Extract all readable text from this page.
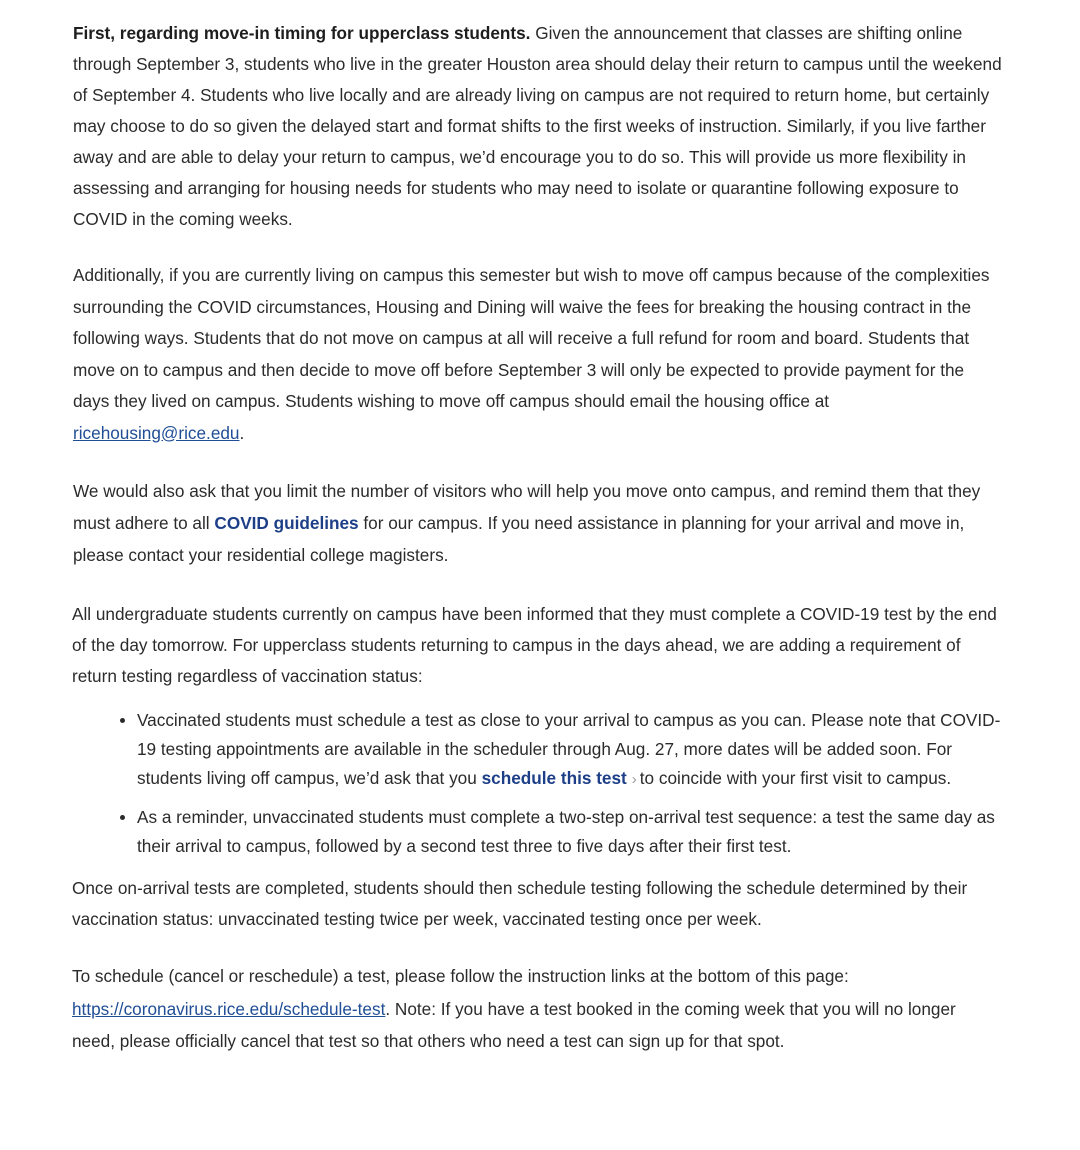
First, regarding move-in timing for upperclass students. Given the announcement that classes are shifting online through September 3, students who live in the greater Houston area should delay their return to campus until the weekend of September 4. Students who live locally and are already living on campus are not required to return home, but certainly may choose to do so given the delayed start and format shifts to the first weeks of instruction. Similarly, if you live farther away and are able to delay your return to campus, we’d encourage you to do so. This will provide us more flexibility in assessing and arranging for housing needs for students who may need to isolate or quarantine following exposure to COVID in the coming weeks.

Additionally, if you are currently living on campus this semester but wish to move off campus because of the complexities surrounding the COVID circumstances, Housing and Dining will waive the fees for breaking the housing contract in the following ways. Students that do not move on campus at all will receive a full refund for room and board. Students that move on to campus and then decide to move off before September 3 will only be expected to provide payment for the days they lived on campus. Students wishing to move off campus should email the housing office at ricehousing@rice.edu.

We would also ask that you limit the number of visitors who will help you move onto campus, and remind them that they must adhere to all COVID guidelines for our campus. If you need assistance in planning for your arrival and move in, please contact your residential college magisters.

All undergraduate students currently on campus have been informed that they must complete a COVID-19 test by the end of the day tomorrow. For upperclass students returning to campus in the days ahead, we are adding a requirement of return testing regardless of vaccination status:

Vaccinated students must schedule a test as close to your arrival to campus as you can. Please note that COVID-19 testing appointments are available in the scheduler through Aug. 27, more dates will be added soon. For students living off campus, we’d ask that you schedule this test › to coincide with your first visit to campus.
As a reminder, unvaccinated students must complete a two-step on-arrival test sequence: a test the same day as their arrival to campus, followed by a second test three to five days after their first test.

Once on-arrival tests are completed, students should then schedule testing following the schedule determined by their vaccination status: unvaccinated testing twice per week, vaccinated testing once per week.

To schedule (cancel or reschedule) a test, please follow the instruction links at the bottom of this page: https://coronavirus.rice.edu/schedule-test. Note: If you have a test booked in the coming week that you will no longer need, please officially cancel that test so that others who need a test can sign up for that spot.
